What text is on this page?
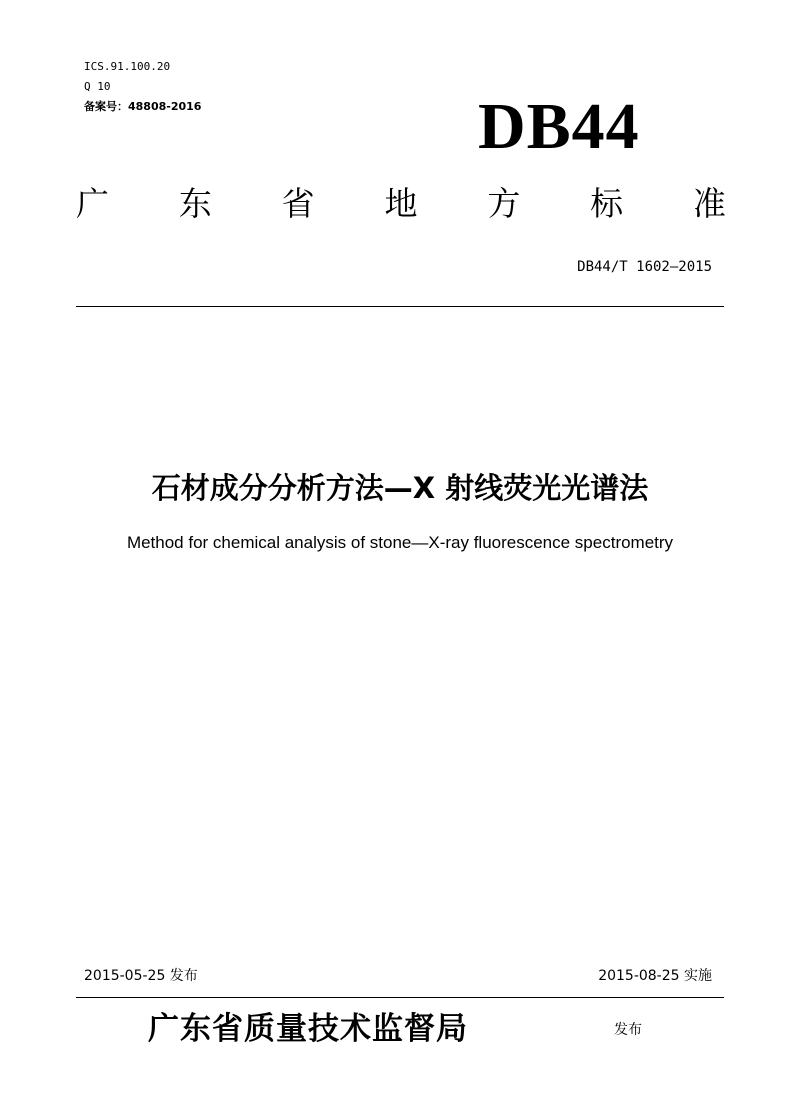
ICS.91.100.20
Q 10
备案号：48808-2016	DB44
广 东 省 地 方 标 准
DB44/T 1602—2015
石材成分分析方法—X 射线荧光光谱法
Method for chemical analysis of stone—X-ray fluorescence spectrometry
2015-05-25 发布	2015-08-25 实施
广东省质量技术监督局	发布
